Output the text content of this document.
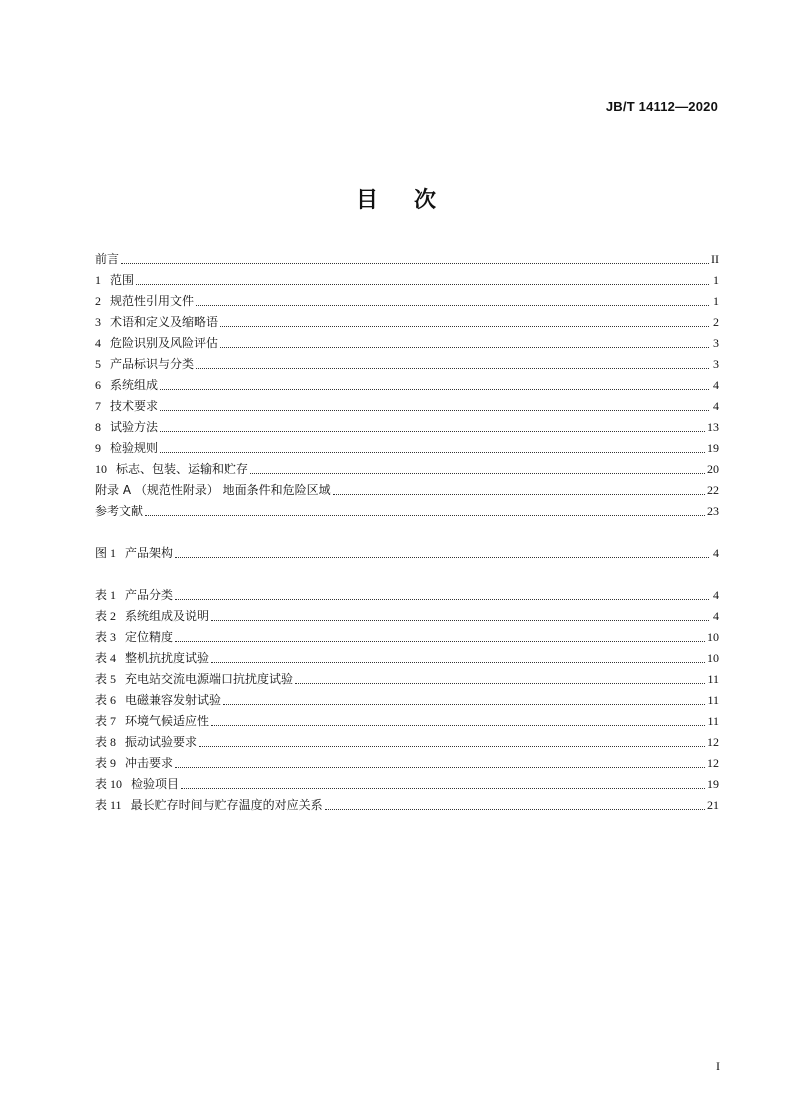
JB/T 14112—2020
目 次
前言	II
1 范围	1
2 规范性引用文件	1
3 术语和定义及缩略语	2
4 危险识别及风险评估	3
5 产品标识与分类	3
6 系统组成	4
7 技术要求	4
8 试验方法	13
9 检验规则	19
10 标志、包装、运输和贮存	20
附录 A （规范性附录） 地面条件和危险区域	22
参考文献	23
图 1 产品架构	4
表 1 产品分类	4
表 2 系统组成及说明	4
表 3 定位精度	10
表 4 整机抗扰度试验	10
表 5 充电站交流电源端口抗扰度试验	11
表 6 电磁兼容发射试验	11
表 7 环境气候适应性	11
表 8 振动试验要求	12
表 9 冲击要求	12
表 10 检验项目	19
表 11 最长贮存时间与贮存温度的对应关系	21
I
